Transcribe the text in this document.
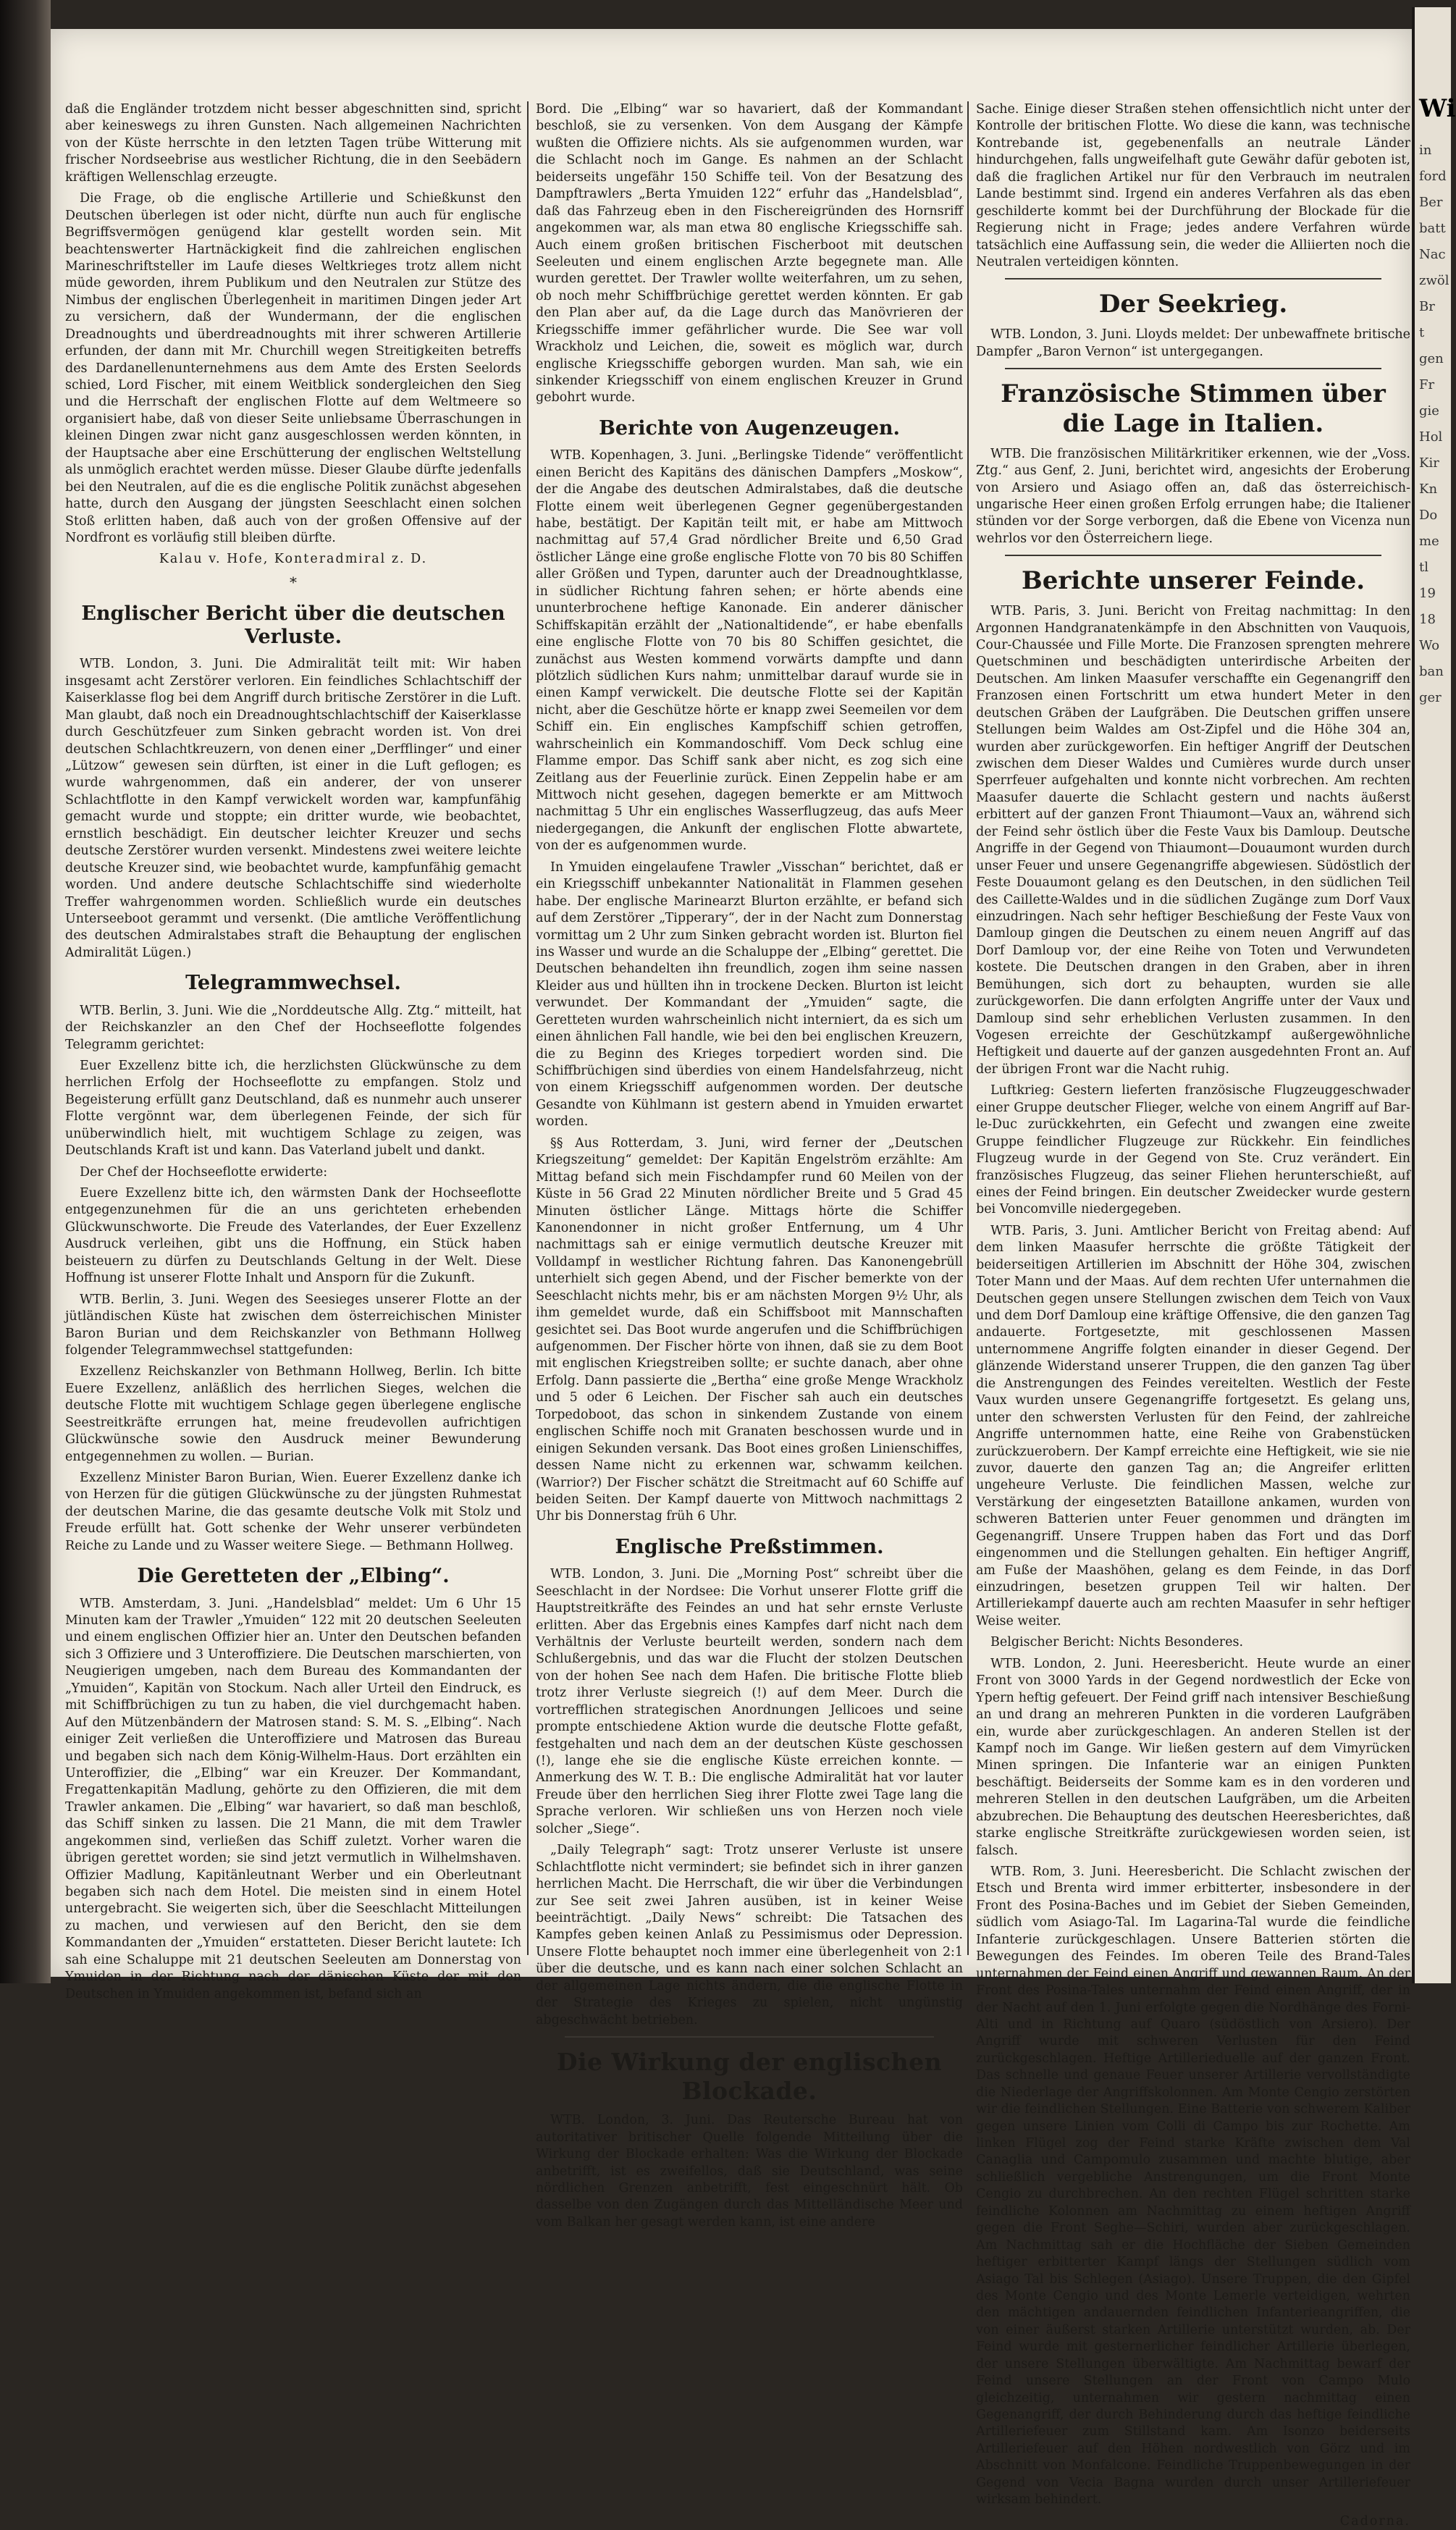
daß die Engländer trotzdem nicht besser abgeschnitten sind, spricht aber keineswegs zu ihren Gunsten. Nach allgemeinen Nachrichten von der Küste herrschte in den letzten Tagen trübe Witterung mit frischer Nordseebrise aus westlicher Richtung, die in den Seebädern kräftigen Wellenschlag erzeugte.

Die Frage, ob die englische Artillerie und Schießkunst den Deutschen überlegen ist oder nicht, dürfte nun auch für englische Begriffsvermögen genügend klar gestellt worden sein. Mit beachtenswerter Hartnäckigkeit find die zahlreichen englischen Marineschriftsteller im Laufe dieses Weltkrieges trotz allem nicht müde geworden, ihrem Publikum und den Neutralen zur Stütze des Nimbus der englischen Überlegenheit in maritimen Dingen jeder Art zu versichern, daß der Wundermann, der die englischen Dreadnoughts und überdreadnoughts mit ihrer schweren Artillerie erfunden, der dann mit Mr. Churchill wegen Streitigkeiten betreffs des Dardanellenunternehmens aus dem Amte des Ersten Seelords schied, Lord Fischer, mit einem Weitblick sondergleichen den Sieg und die Herrschaft der englischen Flotte auf dem Weltmeere so organisiert habe, daß von dieser Seite unliebsame Überraschungen in kleinen Dingen zwar nicht ganz ausgeschlossen werden könnten, in der Hauptsache aber eine Erschütterung der englischen Weltstellung als unmöglich erachtet werden müsse. Dieser Glaube dürfte jedenfalls bei den Neutralen, auf die es die englische Politik zunächst abgesehen hatte, durch den Ausgang der jüngsten Seeschlacht einen solchen Stoß erlitten haben, daß auch von der großen Offensive auf der Nordfront es vorläufig still bleiben dürfte.

Kalau v. Hofe, Konteradmiral z. D.
*
Englischer Bericht über die deutschen Verluste.

WTB. London, 3. Juni. Die Admiralität teilt mit: Wir haben insgesamt acht Zerstörer verloren. Ein feindliches Schlachtschiff der Kaiserklasse flog bei dem Angriff durch britische Zerstörer in die Luft. Man glaubt, daß noch ein Dreadnoughtschlachtschiff der Kaiserklasse durch Geschützfeuer zum Sinken gebracht worden ist. Von drei deutschen Schlachtkreuzern, von denen einer „Derfflinger“ und einer „Lützow“ gewesen sein dürften, ist einer in die Luft geflogen; es wurde wahrgenommen, daß ein anderer, der von unserer Schlachtflotte in den Kampf verwickelt worden war, kampfunfähig gemacht wurde und stoppte; ein dritter wurde, wie beobachtet, ernstlich beschädigt. Ein deutscher leichter Kreuzer und sechs deutsche Zerstörer wurden versenkt. Mindestens zwei weitere leichte deutsche Kreuzer sind, wie beobachtet wurde, kampfunfähig gemacht worden. Und andere deutsche Schlachtschiffe sind wiederholte Treffer wahrgenommen worden. Schließlich wurde ein deutsches Unterseeboot gerammt und versenkt. (Die amtliche Veröffentlichung des deutschen Admiralstabes straft die Behauptung der englischen Admiralität Lügen.)

Telegrammwechsel.

WTB. Berlin, 3. Juni. Wie die „Norddeutsche Allg. Ztg.“ mitteilt, hat der Reichskanzler an den Chef der Hochseeflotte folgendes Telegramm gerichtet:

Euer Exzellenz bitte ich, die herzlichsten Glückwünsche zu dem herrlichen Erfolg der Hochseeflotte zu empfangen. Stolz und Begeisterung erfüllt ganz Deutschland, daß es nunmehr auch unserer Flotte vergönnt war, dem überlegenen Feinde, der sich für unüberwindlich hielt, mit wuchtigem Schlage zu zeigen, was Deutschlands Kraft ist und kann. Das Vaterland jubelt und dankt.

Der Chef der Hochseeflotte erwiderte:

Euere Exzellenz bitte ich, den wärmsten Dank der Hochseeflotte entgegenzunehmen für die an uns gerichteten erhebenden Glückwunschworte. Die Freude des Vaterlandes, der Euer Exzellenz Ausdruck verleihen, gibt uns die Hoffnung, ein Stück haben beisteuern zu dürfen zu Deutschlands Geltung in der Welt. Diese Hoffnung ist unserer Flotte Inhalt und Ansporn für die Zukunft.

WTB. Berlin, 3. Juni. Wegen des Seesieges unserer Flotte an der jütländischen Küste hat zwischen dem österreichischen Minister Baron Burian und dem Reichskanzler von Bethmann Hollweg folgender Telegrammwechsel stattgefunden:

Exzellenz Reichskanzler von Bethmann Hollweg, Berlin. Ich bitte Euere Exzellenz, anläßlich des herrlichen Sieges, welchen die deutsche Flotte mit wuchtigem Schlage gegen überlegene englische Seestreitkräfte errungen hat, meine freudevollen aufrichtigen Glückwünsche sowie den Ausdruck meiner Bewunderung entgegennehmen zu wollen. — Burian.

Exzellenz Minister Baron Burian, Wien. Euerer Exzellenz danke ich von Herzen für die gütigen Glückwünsche zu der jüngsten Ruhmestat der deutschen Marine, die das gesamte deutsche Volk mit Stolz und Freude erfüllt hat. Gott schenke der Wehr unserer verbündeten Reiche zu Lande und zu Wasser weitere Siege. — Bethmann Hollweg.

Die Geretteten der „Elbing“.

WTB. Amsterdam, 3. Juni. „Handelsblad“ meldet: Um 6 Uhr 15 Minuten kam der Trawler „Ymuiden“ 122 mit 20 deutschen Seeleuten und einem englischen Offizier hier an. Unter den Deutschen befanden sich 3 Offiziere und 3 Unteroffiziere. Die Deutschen marschierten, von Neugierigen umgeben, nach dem Bureau des Kommandanten der „Ymuiden“, Kapitän von Stockum. Nach aller Urteil den Eindruck, es mit Schiffbrüchigen zu tun zu haben, die viel durchgemacht haben. Auf den Mützenbändern der Matrosen stand: S. M. S. „Elbing“. Nach einiger Zeit verließen die Unteroffiziere und Matrosen das Bureau und begaben sich nach dem König-Wilhelm-Haus. Dort erzählten ein Unteroffizier, die „Elbing“ war ein Kreuzer. Der Kommandant, Fregattenkapitän Madlung, gehörte zu den Offizieren, die mit dem Trawler ankamen. Die „Elbing“ war havariert, so daß man beschloß, das Schiff sinken zu lassen. Die 21 Mann, die mit dem Trawler angekommen sind, verließen das Schiff zuletzt. Vorher waren die übrigen gerettet worden; sie sind jetzt vermutlich in Wilhelmshaven. Offizier Madlung, Kapitänleutnant Werber und ein Oberleutnant begaben sich nach dem Hotel. Die meisten sind in einem Hotel untergebracht. Sie weigerten sich, über die Seeschlacht Mitteilungen zu machen, und verwiesen auf den Bericht, den sie dem Kommandanten der „Ymuiden“ erstatteten. Dieser Bericht lautete: Ich sah eine Schaluppe mit 21 deutschen Seeleuten am Donnerstag von Ymuiden in der Richtung nach der dänischen Küste der mit den Deutschen in Ymuiden angekommen ist, befand sich an

Bord. Die „Elbing“ war so havariert, daß der Kommandant beschloß, sie zu versenken. Von dem Ausgang der Kämpfe wußten die Offiziere nichts. Als sie aufgenommen wurden, war die Schlacht noch im Gange. Es nahmen an der Schlacht beiderseits ungefähr 150 Schiffe teil. Von der Besatzung des Dampftrawlers „Berta Ymuiden 122“ erfuhr das „Handelsblad“, daß das Fahrzeug eben in den Fischereigründen des Hornsriff angekommen war, als man etwa 80 englische Kriegsschiffe sah. Auch einem großen britischen Fischerboot mit deutschen Seeleuten und einem englischen Arzte begegnete man. Alle wurden gerettet. Der Trawler wollte weiterfahren, um zu sehen, ob noch mehr Schiffbrüchige gerettet werden könnten. Er gab den Plan aber auf, da die Lage durch das Manövrieren der Kriegsschiffe immer gefährlicher wurde. Die See war voll Wrackholz und Leichen, die, soweit es möglich war, durch englische Kriegsschiffe geborgen wurden. Man sah, wie ein sinkender Kriegsschiff von einem englischen Kreuzer in Grund gebohrt wurde.

Berichte von Augenzeugen.

WTB. Kopenhagen, 3. Juni. „Berlingske Tidende“ veröffentlicht einen Bericht des Kapitäns des dänischen Dampfers „Moskow“, der die Angabe des deutschen Admiralstabes, daß die deutsche Flotte einem weit überlegenen Gegner gegenübergestanden habe, bestätigt. Der Kapitän teilt mit, er habe am Mittwoch nachmittag auf 57,4 Grad nördlicher Breite und 6,50 Grad östlicher Länge eine große englische Flotte von 70 bis 80 Schiffen aller Größen und Typen, darunter auch der Dreadnoughtklasse, in südlicher Richtung fahren sehen; er hörte abends eine ununterbrochene heftige Kanonade. Ein anderer dänischer Schiffskapitän erzählt der „Nationaltidende“, er habe ebenfalls eine englische Flotte von 70 bis 80 Schiffen gesichtet, die zunächst aus Westen kommend vorwärts dampfte und dann plötzlich südlichen Kurs nahm; unmittelbar darauf wurde sie in einen Kampf verwickelt. Die deutsche Flotte sei der Kapitän nicht, aber die Geschütze hörte er knapp zwei Seemeilen vor dem Schiff ein. Ein englisches Kampfschiff schien getroffen, wahrscheinlich ein Kommandoschiff. Vom Deck schlug eine Flamme empor. Das Schiff sank aber nicht, es zog sich eine Zeitlang aus der Feuerlinie zurück. Einen Zeppelin habe er am Mittwoch nicht gesehen, dagegen bemerkte er am Mittwoch nachmittag 5 Uhr ein englisches Wasserflugzeug, das aufs Meer niedergegangen, die Ankunft der englischen Flotte abwartete, von der es aufgenommen wurde.

In Ymuiden eingelaufene Trawler „Visschan“ berichtet, daß er ein Kriegsschiff unbekannter Nationalität in Flammen gesehen habe. Der englische Marinearzt Blurton erzählte, er befand sich auf dem Zerstörer „Tipperary“, der in der Nacht zum Donnerstag vormittag um 2 Uhr zum Sinken gebracht worden ist. Blurton fiel ins Wasser und wurde an die Schaluppe der „Elbing“ gerettet. Die Deutschen behandelten ihn freundlich, zogen ihm seine nassen Kleider aus und hüllten ihn in trockene Decken. Blurton ist leicht verwundet. Der Kommandant der „Ymuiden“ sagte, die Geretteten wurden wahrscheinlich nicht interniert, da es sich um einen ähnlichen Fall handle, wie bei den bei englischen Kreuzern, die zu Beginn des Krieges torpediert worden sind. Die Schiffbrüchigen sind überdies von einem Handelsfahrzeug, nicht von einem Kriegsschiff aufgenommen worden. Der deutsche Gesandte von Kühlmann ist gestern abend in Ymuiden erwartet worden.

§§ Aus Rotterdam, 3. Juni, wird ferner der „Deutschen Kriegszeitung“ gemeldet: Der Kapitän Engelström erzählte: Am Mittag befand sich mein Fischdampfer rund 60 Meilen von der Küste in 56 Grad 22 Minuten nördlicher Breite und 5 Grad 45 Minuten östlicher Länge. Mittags hörte die Schiffer Kanonendonner in nicht großer Entfernung, um 4 Uhr nachmittags sah er einige vermutlich deutsche Kreuzer mit Volldampf in westlicher Richtung fahren. Das Kanonengebrüll unterhielt sich gegen Abend, und der Fischer bemerkte von der Seeschlacht nichts mehr, bis er am nächsten Morgen 9½ Uhr, als ihm gemeldet wurde, daß ein Schiffsboot mit Mannschaften gesichtet sei. Das Boot wurde angerufen und die Schiffbrüchigen aufgenommen. Der Fischer hörte von ihnen, daß sie zu dem Boot mit englischen Kriegstreiben sollte; er suchte danach, aber ohne Erfolg. Dann passierte die „Bertha“ eine große Menge Wrackholz und 5 oder 6 Leichen. Der Fischer sah auch ein deutsches Torpedoboot, das schon in sinkendem Zustande von einem englischen Schiffe noch mit Granaten beschossen wurde und in einigen Sekunden versank. Das Boot eines großen Linienschiffes, dessen Name nicht zu erkennen war, schwamm keilchen. (Warrior?) Der Fischer schätzt die Streitmacht auf 60 Schiffe auf beiden Seiten. Der Kampf dauerte von Mittwoch nachmittags 2 Uhr bis Donnerstag früh 6 Uhr.

Englische Preßstimmen.

WTB. London, 3. Juni. Die „Morning Post“ schreibt über die Seeschlacht in der Nordsee: Die Vorhut unserer Flotte griff die Hauptstreitkräfte des Feindes an und hat sehr ernste Verluste erlitten. Aber das Ergebnis eines Kampfes darf nicht nach dem Verhältnis der Verluste beurteilt werden, sondern nach dem Schlußergebnis, und das war die Flucht der stolzen Deutschen von der hohen See nach dem Hafen. Die britische Flotte blieb trotz ihrer Verluste siegreich (!) auf dem Meer. Durch die vortrefflichen strategischen Anordnungen Jellicoes und seine prompte entschiedene Aktion wurde die deutsche Flotte gefaßt, festgehalten und nach dem an der deutschen Küste geschossen (!), lange ehe sie die englische Küste erreichen konnte. — Anmerkung des W. T. B.: Die englische Admiralität hat vor lauter Freude über den herrlichen Sieg ihrer Flotte zwei Tage lang die Sprache verloren. Wir schließen uns von Herzen noch viele solcher „Siege“.

„Daily Telegraph“ sagt: Trotz unserer Verluste ist unsere Schlachtflotte nicht vermindert; sie befindet sich in ihrer ganzen herrlichen Macht. Die Herrschaft, die wir über die Verbindungen zur See seit zwei Jahren ausüben, ist in keiner Weise beeinträchtigt. „Daily News“ schreibt: Die Tatsachen des Kampfes geben keinen Anlaß zu Pessimismus oder Depression. Unsere Flotte behauptet noch immer eine überlegenheit von 2:1 über die deutsche, und es kann nach einer solchen Schlacht an der allgemeinen Lage nichts ändern, die die englische Flotte in der Strategie des Krieges zu spielen, nicht ungünstig abgeschwächt betrieben.

Die Wirkung der englischen Blockade.

WTB. London, 3. Juni. Das Reutersche Bureau hat von autoritativer britischer Quelle folgende Mitteilung über die Wirkung der Blockade erhalten: Was die Wirkung der Blockade anbetrifft, ist es zweifellos, daß sie Deutschland, was seine nördlichen Grenzen anbetrifft, fest eingeschnürt hält. Ob dasselbe von den Zugängen durch das Mittelländische Meer und vom Balkan her gesagt werden kann, ist eine andere

Sache. Einige dieser Straßen stehen offensichtlich nicht unter der Kontrolle der britischen Flotte. Wo diese die kann, was technische Kontrebande ist, gegebenenfalls an neutrale Länder hindurchgehen, falls ungweifelhaft gute Gewähr dafür geboten ist, daß die fraglichen Artikel nur für den Verbrauch im neutralen Lande bestimmt sind. Irgend ein anderes Verfahren als das eben geschilderte kommt bei der Durchführung der Blockade für die Regierung nicht in Frage; jedes andere Verfahren würde tatsächlich eine Auffassung sein, die weder die Alliierten noch die Neutralen verteidigen könnten.

Der Seekrieg.

WTB. London, 3. Juni. Lloyds meldet: Der unbewaffnete britische Dampfer „Baron Vernon“ ist untergegangen.

Französische Stimmen über die Lage in Italien.

WTB. Die französischen Militärkritiker erkennen, wie der „Voss. Ztg.“ aus Genf, 2. Juni, berichtet wird, angesichts der Eroberung von Arsiero und Asiago offen an, daß das österreichisch-ungarische Heer einen großen Erfolg errungen habe; die Italiener stünden vor der Sorge verborgen, daß die Ebene von Vicenza nun wehrlos vor den Österreichern liege.

Berichte unserer Feinde.

WTB. Paris, 3. Juni. Bericht von Freitag nachmittag: In den Argonnen Handgranatenkämpfe in den Abschnitten von Vauquois, Cour-Chaussée und Fille Morte. Die Franzosen sprengten mehrere Quetschminen und beschädigten unterirdische Arbeiten der Deutschen. Am linken Maasufer verschaffte ein Gegenangriff den Franzosen einen Fortschritt um etwa hundert Meter in den deutschen Gräben der Laufgräben. Die Deutschen griffen unsere Stellungen beim Waldes am Ost-Zipfel und die Höhe 304 an, wurden aber zurückgeworfen. Ein heftiger Angriff der Deutschen zwischen dem Dieser Waldes und Cumières wurde durch unser Sperrfeuer aufgehalten und konnte nicht vorbrechen. Am rechten Maasufer dauerte die Schlacht gestern und nachts äußerst erbittert auf der ganzen Front Thiaumont—Vaux an, während sich der Feind sehr östlich über die Feste Vaux bis Damloup. Deutsche Angriffe in der Gegend von Thiaumont—Douaumont wurden durch unser Feuer und unsere Gegenangriffe abgewiesen. Südöstlich der Feste Douaumont gelang es den Deutschen, in den südlichen Teil des Caillette-Waldes und in die südlichen Zugänge zum Dorf Vaux einzudringen. Nach sehr heftiger Beschießung der Feste Vaux von Damloup gingen die Deutschen zu einem neuen Angriff auf das Dorf Damloup vor, der eine Reihe von Toten und Verwundeten kostete. Die Deutschen drangen in den Graben, aber in ihren Bemühungen, sich dort zu behaupten, wurden sie alle zurückgeworfen. Die dann erfolgten Angriffe unter der Vaux und Damloup sind sehr erheblichen Verlusten zusammen. In den Vogesen erreichte der Geschützkampf außergewöhnliche Heftigkeit und dauerte auf der ganzen ausgedehnten Front an. Auf der übrigen Front war die Nacht ruhig.

Luftkrieg: Gestern lieferten französische Flugzeuggeschwader einer Gruppe deutscher Flieger, welche von einem Angriff auf Bar-le-Duc zurückkehrten, ein Gefecht und zwangen eine zweite Gruppe feindlicher Flugzeuge zur Rückkehr. Ein feindliches Flugzeug wurde in der Gegend von Ste. Cruz verändert. Ein französisches Flugzeug, das seiner Fliehen herunterschießt, auf eines der Feind bringen. Ein deutscher Zweidecker wurde gestern bei Voncomville niedergegeben.

WTB. Paris, 3. Juni. Amtlicher Bericht von Freitag abend: Auf dem linken Maasufer herrschte die größte Tätigkeit der beiderseitigen Artillerien im Abschnitt der Höhe 304, zwischen Toter Mann und der Maas. Auf dem rechten Ufer unternahmen die Deutschen gegen unsere Stellungen zwischen dem Teich von Vaux und dem Dorf Damloup eine kräftige Offensive, die den ganzen Tag andauerte. Fortgesetzte, mit geschlossenen Massen unternommene Angriffe folgten einander in dieser Gegend. Der glänzende Widerstand unserer Truppen, die den ganzen Tag über die Anstrengungen des Feindes vereitelten. Westlich der Feste Vaux wurden unsere Gegenangriffe fortgesetzt. Es gelang uns, unter den schwersten Verlusten für den Feind, der zahlreiche Angriffe unternommen hatte, eine Reihe von Grabenstücken zurückzuerobern. Der Kampf erreichte eine Heftigkeit, wie sie nie zuvor, dauerte den ganzen Tag an; die Angreifer erlitten ungeheure Verluste. Die feindlichen Massen, welche zur Verstärkung der eingesetzten Bataillone ankamen, wurden von schweren Batterien unter Feuer genommen und drängten im Gegenangriff. Unsere Truppen haben das Fort und das Dorf eingenommen und die Stellungen gehalten. Ein heftiger Angriff, am Fuße der Maashöhen, gelang es dem Feinde, in das Dorf einzudringen, besetzen gruppen Teil wir halten. Der Artilleriekampf dauerte auch am rechten Maasufer in sehr heftiger Weise weiter.

Belgischer Bericht: Nichts Besonderes.

WTB. London, 2. Juni. Heeresbericht. Heute wurde an einer Front von 3000 Yards in der Gegend nordwestlich der Ecke von Ypern heftig gefeuert. Der Feind griff nach intensiver Beschießung an und drang an mehreren Punkten in die vorderen Laufgräben ein, wurde aber zurückgeschlagen. An anderen Stellen ist der Kampf noch im Gange. Wir ließen gestern auf dem Vimyrücken Minen springen. Die Infanterie war an einigen Punkten beschäftigt. Beiderseits der Somme kam es in den vorderen und mehreren Stellen in den deutschen Laufgräben, um die Arbeiten abzubrechen. Die Behauptung des deutschen Heeresberichtes, daß starke englische Streitkräfte zurückgewiesen worden seien, ist falsch.

WTB. Rom, 3. Juni. Heeresbericht. Die Schlacht zwischen der Etsch und Brenta wird immer erbitterter, insbesondere in der Front des Posina-Baches und im Gebiet der Sieben Gemeinden, südlich vom Asiago-Tal. Im Lagarina-Tal wurde die feindliche Infanterie zurückgeschlagen. Unsere Batterien störten die Bewegungen des Feindes. Im oberen Teile des Brand-Tales unternahmen der Feind einen Angriff und gewannen Raum. An der Front des Posina-Tales unternahm der Feind einen Angriff, der in der Nacht auf den 1. Juni erfolgte gegen die Nordhänge des Forni-Alti und in Richtung auf Quaro (südöstlich von Arsiero). Der Angriff wurde mit schweren Verlusten für den Feind zurückgeschlagen. Heftige Artillerieduelle auf der ganzen Front. Das schnelle und genaue Feuer unserer Artillerie vervollständigte die Niederlage der Angriffskolonnen. Am Monte Cengio zerstörten wir die feindlichen Stellungen. Eine Batterie von schwerem Kaliber gegen unsere Linien vom Colli di Campo bis zur Rochette. Am linken Flügel zog der Feind starke Kräfte zwischen dem Val Canaglia und Campomulo zusammen und machte blutige, aber schließlich vergebliche Anstrengungen, um die Front Monte Cengio zu durchbrechen. An den rechten Flügel schritten starke feindliche Kolonnen am Nachmittag zu einem heftigen Angriff gegen die Front Seghe—Schiri, wurden aber zurückgeschlagen. Am Nachmittag sah er die Hochfläche der Sieben Gemeinden heftiger erbitterter Kampf längs der Stellungen südlich vom Asiago Tal bis Schlegen (Asiago). Unsere Truppen, die den Gipfel des Monte Cengio und des Monte Lemerle verteidigen, wehrten den mächtigen andauernden feindlichen Infanterieangriffen, die von einer äußerst starken Artillerie unterstützt wurden, ab. Der Feind wurde mit gesternerlicher feindlicher Artillerie überlegen, der unsere Stellungen überwältigte. Am Nachmittag bewarf der Feind unsere Stellungen an der Front von Campo Mulo gleichzeitig, unternahmen wir gestern nachmittag einen Gegenangriff, der durch Behinderung durch das heftige feindliche Artilleriefeuer zum Stillstand kam. Am Isonzo beiderseits Artilleriefeuer auf den Höhen nordwestlich von Görz und im Abschnitt von Monfalcone. Feindliche Truppenbewegungen in der Gegend von Vecia Bagna wurden durch unser Artilleriefeuer wirksam behindert.

Cadorna.
Wi
in
ford
Ber
batt
Nac
zwöl
Br
t
gen
Fr
gie
Hol
Kir
Kn
Do
me
tl
19
18
Wo
ban
ger
